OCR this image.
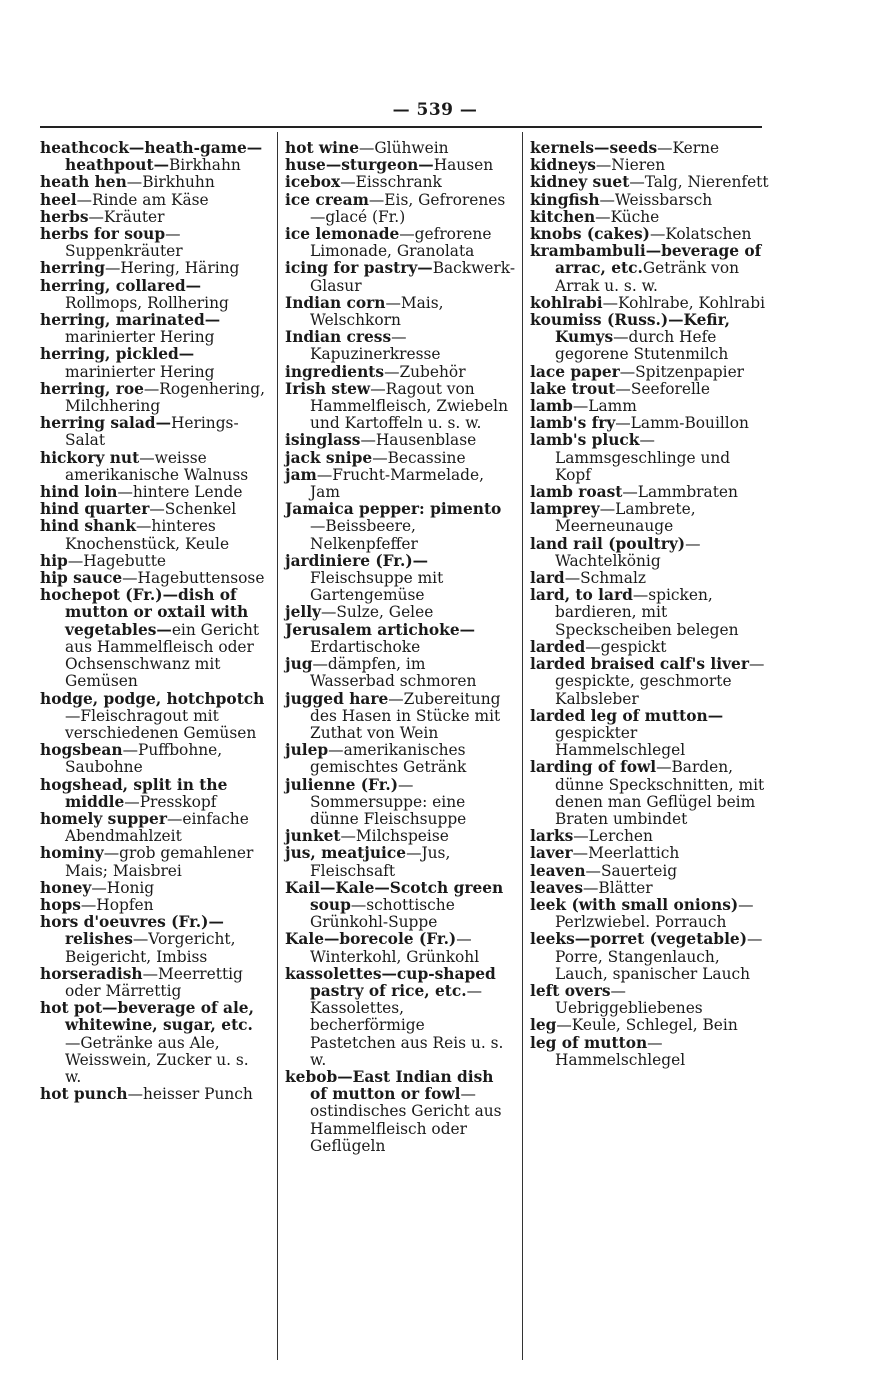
— 539 —

heathcock—heath-game—heathpout—Birkhahn

heath hen—Birkhuhn

heel—Rinde am Käse

herbs—Kräuter

herbs for soup—Suppenkräuter

herring—Hering, Häring

herring, collared—Rollmops, Rollhering

herring, marinated—marinierter Hering

herring, pickled—marinierter Hering

herring, roe—Rogenhering, Milchhering

herring salad—Herings-Salat

hickory nut—weisse amerikanische Walnuss

hind loin—hintere Lende

hind quarter—Schenkel

hind shank—hinteres Knochenstück, Keule

hip—Hagebutte

hip sauce—Hagebuttensose

hochepot (Fr.)—dish of mutton or oxtail with vegetables—ein Gericht aus Hammelfleisch oder Ochsenschwanz mit Gemüsen

hodge, podge, hotchpotch—Fleischragout mit verschiedenen Gemüsen

hogsbean—Puffbohne, Saubohne

hogshead, split in the middle—Presskopf

homely supper—einfache Abendmahlzeit

hominy—grob gemahlener Mais; Maisbrei

honey—Honig

hops—Hopfen

hors d'oeuvres (Fr.)—relishes—Vorgericht, Beigericht, Imbiss

horseradish—Meerrettig oder Märrettig

hot pot—beverage of ale, whitewine, sugar, etc.—Getränke aus Ale, Weisswein, Zucker u. s. w.

hot punch—heisser Punch

hot wine—Glühwein

huse—sturgeon—Hausen

icebox—Eisschrank

ice cream—Eis, Gefrorenes—glacé (Fr.)

ice lemonade—gefrorene Limonade, Granolata

icing for pastry—Backwerk-Glasur

Indian corn—Mais, Welschkorn

Indian cress—Kapuzinerkresse

ingredients—Zubehör

Irish stew—Ragout von Hammelfleisch, Zwiebeln und Kartoffeln u. s. w.

isinglass—Hausenblase

jack snipe—Becassine

jam—Frucht-Marmelade, Jam

Jamaica pepper: pimento—Beissbeere, Nelkenpfeffer

jardiniere (Fr.)—Fleischsuppe mit Gartengemüse

jelly—Sulze, Gelee

Jerusalem artichoke—Erdartischoke

jug—dämpfen, im Wasserbad schmoren

jugged hare—Zubereitung des Hasen in Stücke mit Zuthat von Wein

julep—amerikanisches gemischtes Getränk

julienne (Fr.)—Sommersuppe: eine dünne Fleischsuppe

junket—Milchspeise

jus, meatjuice—Jus, Fleischsaft

Kail—Kale—Scotch green soup—schottische Grünkohl-Suppe

Kale—borecole (Fr.)—Winterkohl, Grünkohl

kassolettes—cup-shaped pastry of rice, etc.—Kassolettes, becherförmige Pastetchen aus Reis u. s. w.

kebob—East Indian dish of mutton or fowl—ostindisches Gericht aus Hammelfleisch oder Geflügeln

kernels—seeds—Kerne

kidneys—Nieren

kidney suet—Talg, Nierenfett

kingfish—Weissbarsch

kitchen—Küche

knobs (cakes)—Kolatschen

krambambuli—beverage of arrac, etc.Getränk von Arrak u. s. w.

kohlrabi—Kohlrabe, Kohlrabi

koumiss (Russ.)—Kefir, Kumys—durch Hefe gegorene Stutenmilch

lace paper—Spitzenpapier

lake trout—Seeforelle

lamb—Lamm

lamb's fry—Lamm-Bouillon

lamb's pluck—Lammsgeschlinge und Kopf

lamb roast—Lammbraten

lamprey—Lambrete, Meerneunauge

land rail (poultry)—Wachtelkönig

lard—Schmalz

lard, to lard—spicken, bardieren, mit Speckscheiben belegen

larded—gespickt

larded braised calf's liver—gespickte, geschmorte Kalbsleber

larded leg of mutton—gespickter Hammelschlegel

larding of fowl—Barden, dünne Speckschnitten, mit denen man Geflügel beim Braten umbindet

larks—Lerchen

laver—Meerlattich

leaven—Sauerteig

leaves—Blätter

leek (with small onions)—Perlzwiebel. Porrauch

leeks—porret (vegetable)—Porre, Stangenlauch, Lauch, spanischer Lauch

left overs—Uebriggebliebenes

leg—Keule, Schlegel, Bein

leg of mutton—Hammelschlegel
